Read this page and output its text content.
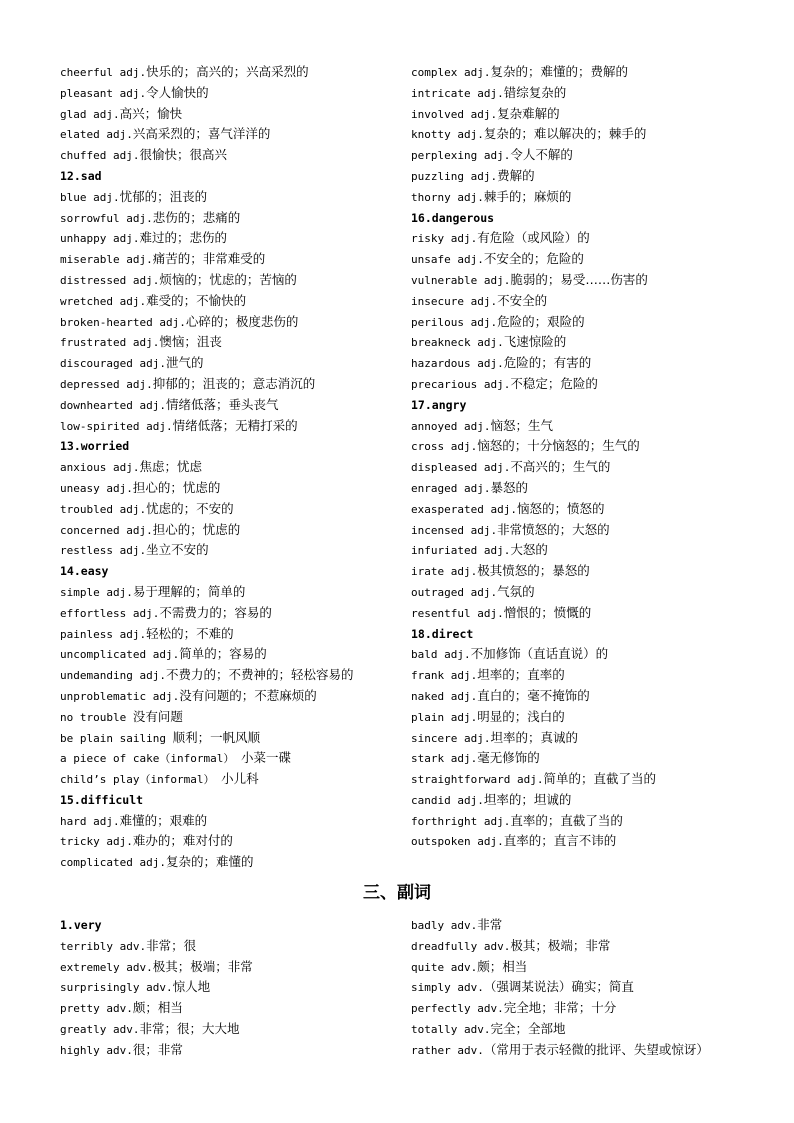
cheerful adj.快乐的；高兴的；兴高采烈的
pleasant adj.令人愉快的
glad adj.高兴；愉快
elated adj.兴高采烈的；喜气洋洋的
chuffed adj.很愉快；很高兴
12.sad
blue adj.忧郁的；沮丧的
sorrowful adj.悲伤的；悲痛的
unhappy adj.难过的；悲伤的
miserable adj.痛苦的；非常难受的
distressed adj.烦恼的；忧虑的；苦恼的
wretched adj.难受的；不愉快的
broken-hearted adj.心碎的；极度悲伤的
frustrated adj.懊恼；沮丧
discouraged adj.泄气的
depressed adj.抑郁的；沮丧的；意志消沉的
downhearted adj.情绪低落；垂头丧气
low-spirited adj.情绪低落；无精打采的
13.worried
anxious adj.焦虑；忧虑
uneasy adj.担心的；忧虑的
troubled adj.忧虑的；不安的
concerned adj.担心的；忧虑的
restless adj.坐立不安的
14.easy
simple adj.易于理解的；简单的
effortless adj.不需费力的；容易的
painless adj.轻松的；不难的
uncomplicated adj.简单的；容易的
undemanding adj.不费力的；不费神的；轻松容易的
unproblematic adj.没有问题的；不惹麻烦的
no trouble 没有问题
be plain sailing 顺利；一帆风顺
a piece of cake（informal） 小菜一碟
child’s play（informal） 小儿科
15.difficult
hard adj.难懂的；艰难的
tricky adj.难办的；难对付的
complicated adj.复杂的；难懂的
complex adj.复杂的；难懂的；费解的
intricate adj.错综复杂的
involved adj.复杂难解的
knotty adj.复杂的；难以解决的；棘手的
perplexing adj.令人不解的
puzzling adj.费解的
thorny adj.棘手的；麻烦的
16.dangerous
risky adj.有危险（或风险）的
unsafe adj.不安全的；危险的
vulnerable adj.脆弱的；易受……伤害的
insecure adj.不安全的
perilous adj.危险的；艰险的
breakneck adj.飞速惊险的
hazardous adj.危险的；有害的
precarious adj.不稳定；危险的
17.angry
annoyed adj.恼怒；生气
cross adj.恼怒的；十分恼怒的；生气的
displeased adj.不高兴的；生气的
enraged adj.暴怒的
exasperated adj.恼怒的；愤怒的
incensed adj.非常愤怒的；大怒的
infuriated adj.大怒的
irate adj.极其愤怒的；暴怒的
outraged adj.气氛的
resentful adj.憎恨的；愤慨的
18.direct
bald adj.不加修饰（直话直说）的
frank adj.坦率的；直率的
naked adj.直白的；毫不掩饰的
plain adj.明显的；浅白的
sincere adj.坦率的；真诚的
stark adj.毫无修饰的
straightforward adj.简单的；直截了当的
candid adj.坦率的；坦诚的
forthright adj.直率的；直截了当的
outspoken adj.直率的；直言不讳的
三、副词
1.very
terribly adv.非常；很
extremely adv.极其；极端；非常
surprisingly adv.惊人地
pretty adv.颇；相当
greatly adv.非常；很；大大地
highly adv.很；非常
badly adv.非常
dreadfully adv.极其；极端；非常
quite adv.颇；相当
simply adv.（强调某说法）确实；简直
perfectly adv.完全地；非常；十分
totally adv.完全；全部地
rather adv.（常用于表示轻微的批评、失望或惊讶）
